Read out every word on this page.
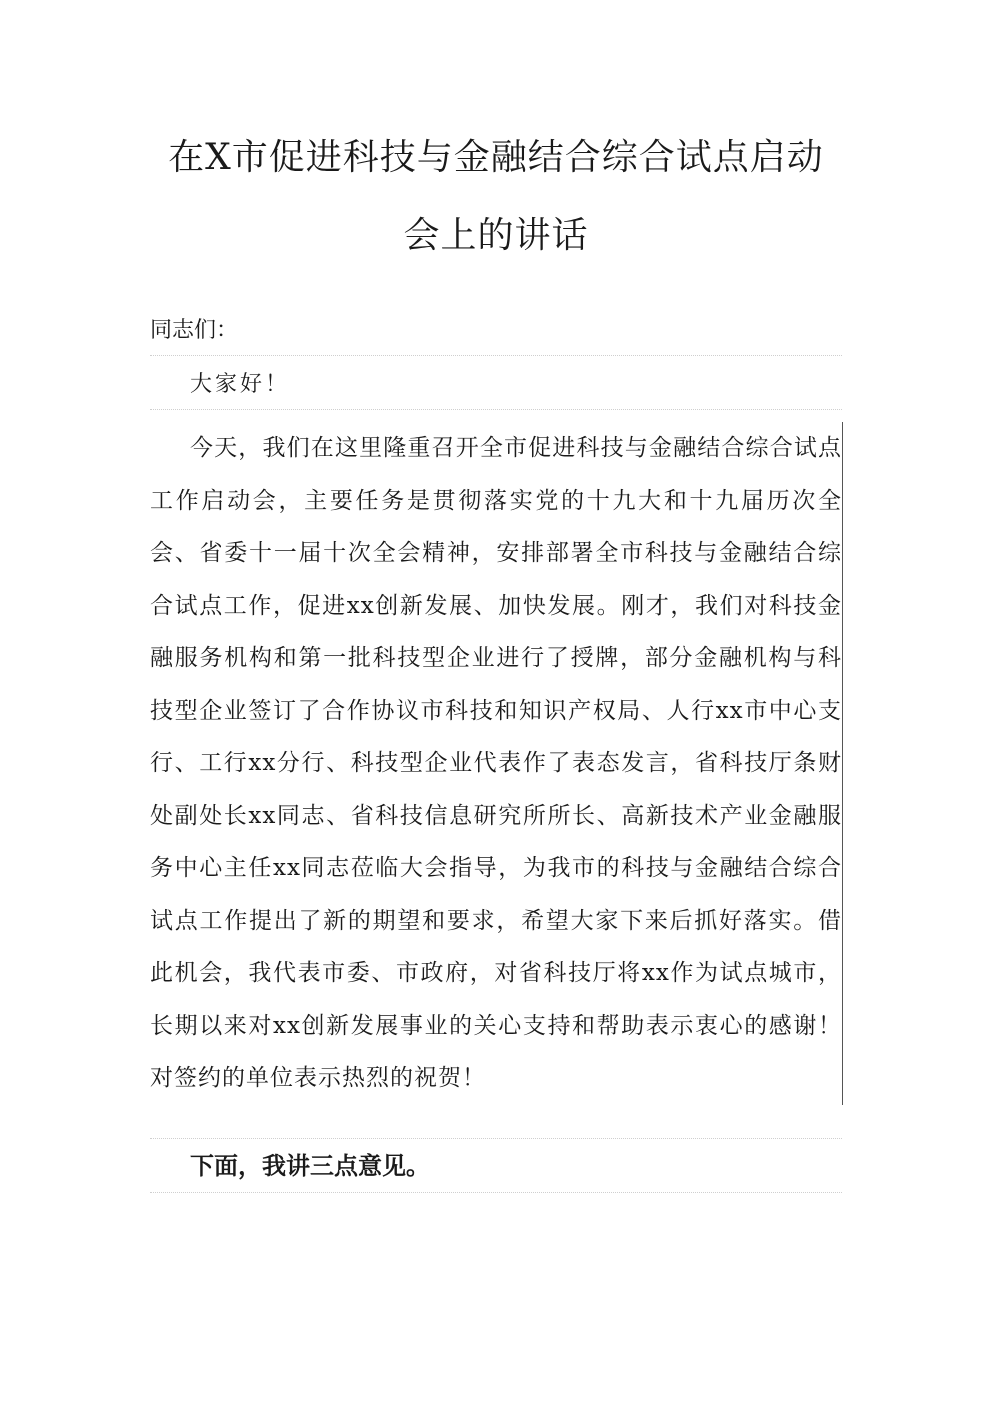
在X市促进科技与金融结合综合试点启动
会上的讲话

同志们：

大家好！

今天，我们在这里隆重召开全市促进科技与金融结合综合试点工作启动会，主要任务是贯彻落实党的十九大和十九届历次全会、省委十一届十次全会精神，安排部署全市科技与金融结合综合试点工作，促进xx创新发展、加快发展。刚才，我们对科技金融服务机构和第一批科技型企业进行了授牌，部分金融机构与科技型企业签订了合作协议市科技和知识产权局、人行xx市中心支行、工行xx分行、科技型企业代表作了表态发言，省科技厅条财处副处长xx同志、省科技信息研究所所长、高新技术产业金融服务中心主任xx同志莅临大会指导，为我市的科技与金融结合综合试点工作提出了新的期望和要求，希望大家下来后抓好落实。借此机会，我代表市委、市政府，对省科技厅将xx作为试点城市，长期以来对xx创新发展事业的关心支持和帮助表示衷心的感谢！对签约的单位表示热烈的祝贺！

下面，我讲三点意见。
